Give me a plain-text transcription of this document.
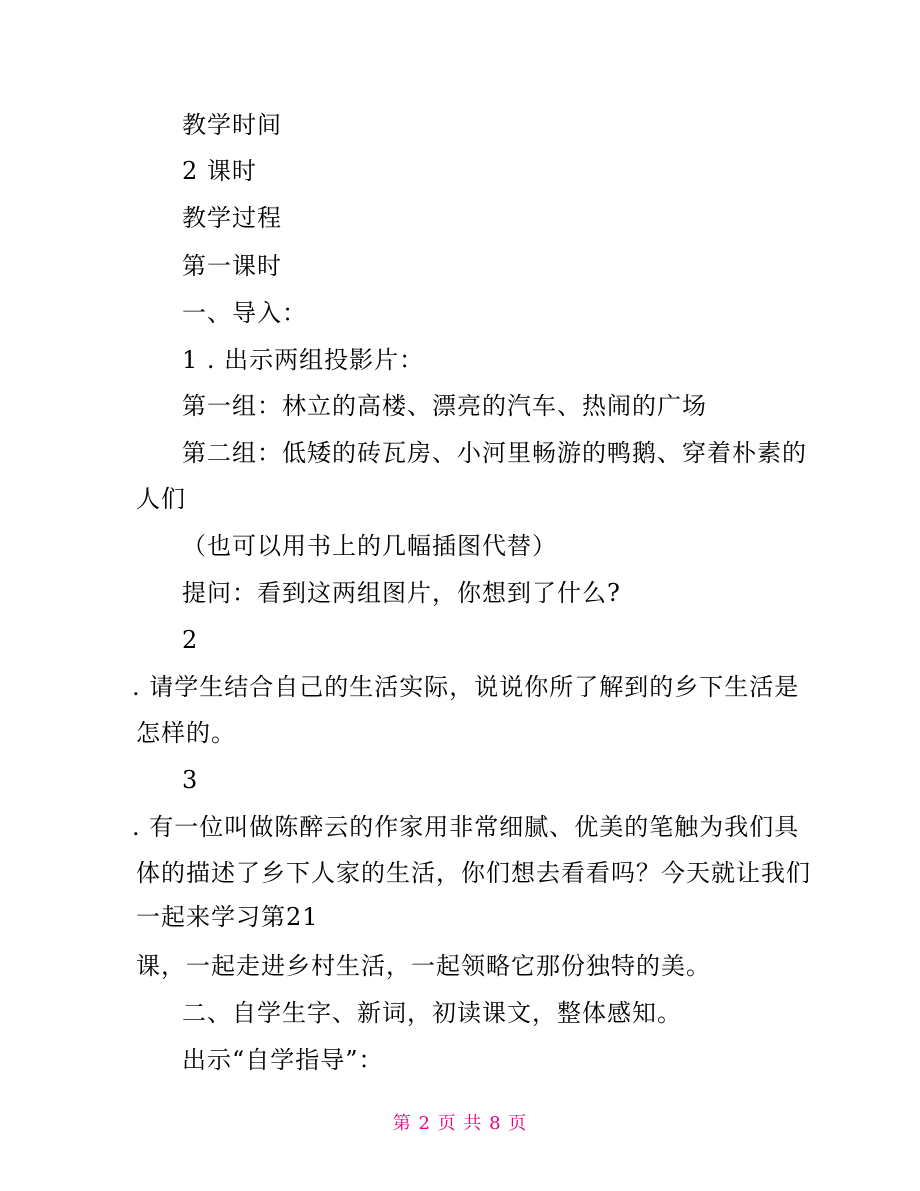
教学时间
2 课时
教学过程
第一课时
一、导入：
1 . 出示两组投影片：
第一组：林立的高楼、漂亮的汽车、热闹的广场
第二组：低矮的砖瓦房、小河里畅游的鸭鹅、穿着朴素的
人们
（也可以用书上的几幅插图代替）
提问：看到这两组图片，你想到了什么?
2
. 请学生结合自己的生活实际，说说你所了解到的乡下生活是
怎样的。
3
. 有一位叫做陈醉云的作家用非常细腻、优美的笔触为我们具
体的描述了乡下人家的生活，你们想去看看吗？今天就让我们
一起来学习第21
课，一起走进乡村生活，一起领略它那份独特的美。
二、自学生字、新词，初读课文，整体感知。
出示“自学指导”：
第 2 页 共 8 页
